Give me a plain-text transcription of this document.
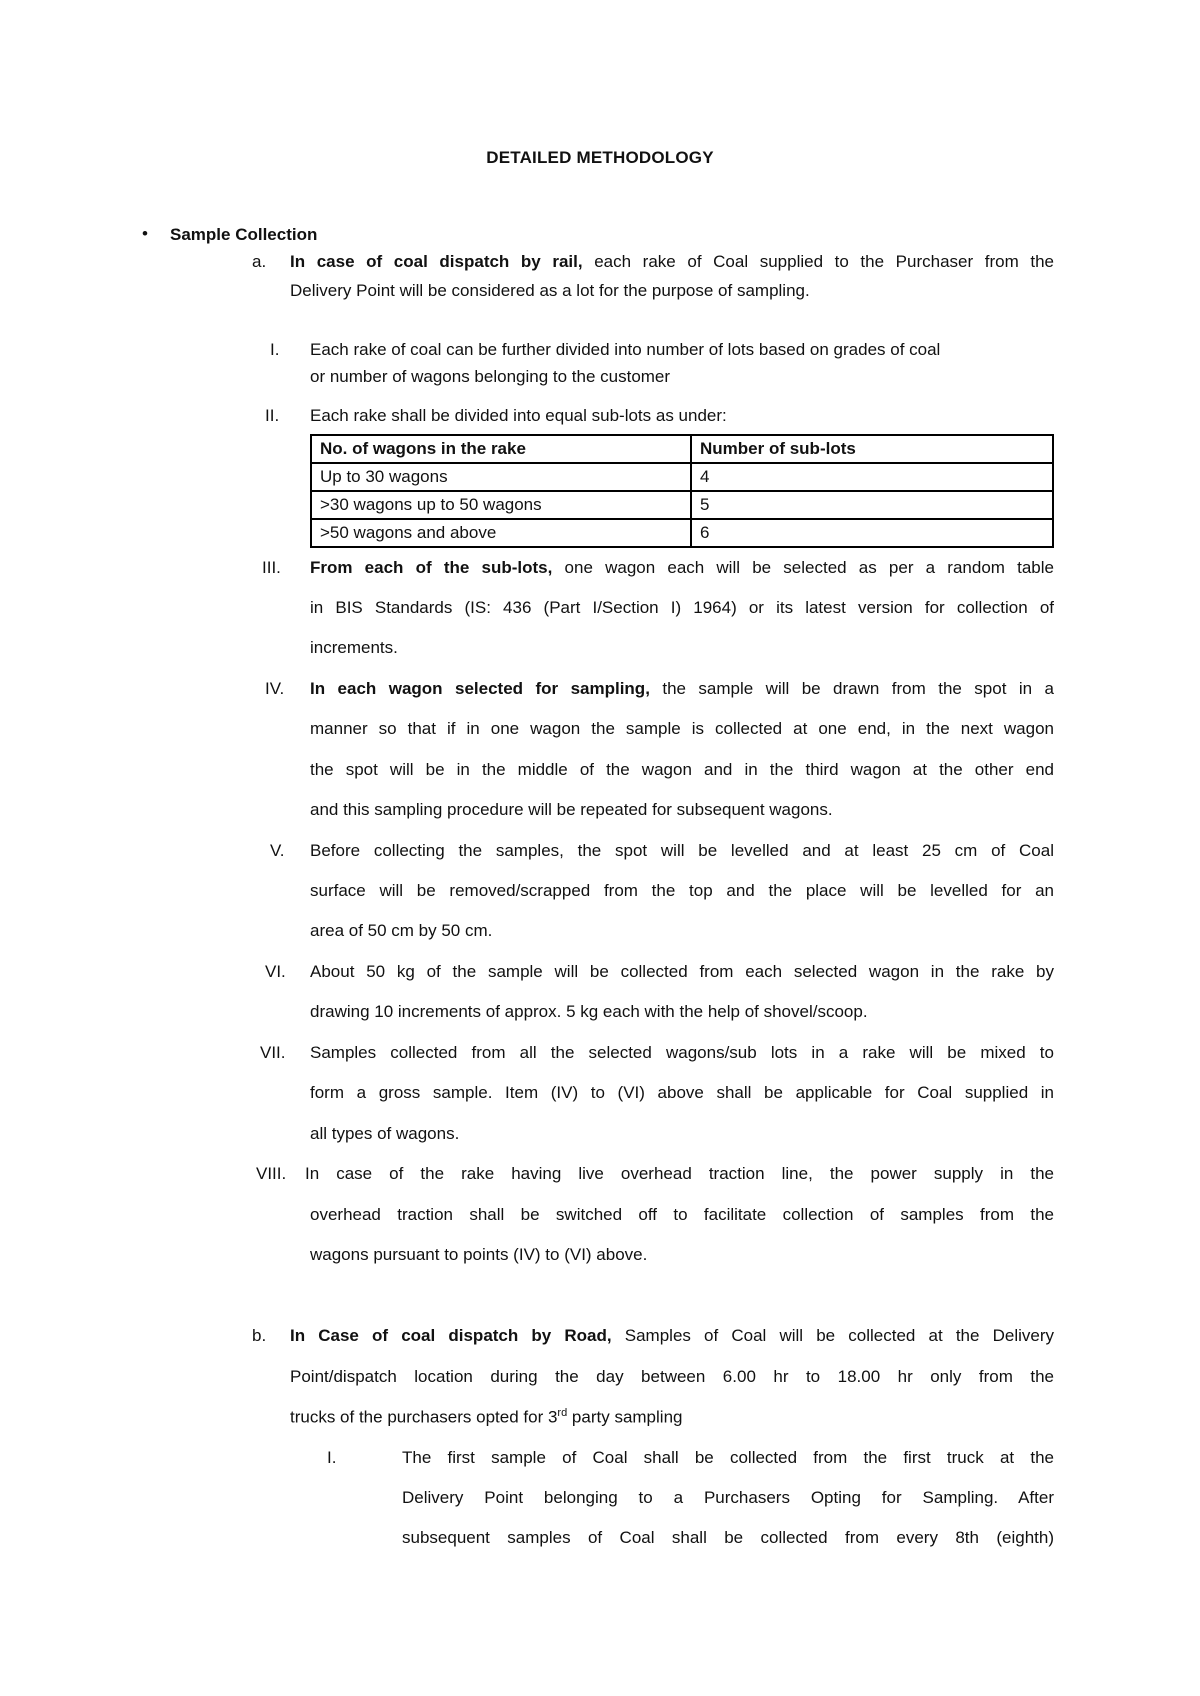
DETAILED METHODOLOGY
• Sample Collection
a. In case of coal dispatch by rail, each rake of Coal supplied to the Purchaser from the
Delivery Point will be considered as a lot for the purpose of sampling.
I. Each rake of coal can be further divided into number of lots based on grades of coal
or number of wagons belonging to the customer
II. Each rake shall be divided into equal sub-lots as under:
No. of wagons in the rake	Number of sub-lots
Up to 30 wagons	4
>30 wagons up to 50 wagons	5
>50 wagons and above	6
III. From each of the sub-lots, one wagon each will be selected as per a random table
in BIS Standards (IS: 436 (Part I/Section I) 1964) or its latest version for collection of
increments.
IV. In each wagon selected for sampling, the sample will be drawn from the spot in a
manner so that if in one wagon the sample is collected at one end, in the next wagon
the spot will be in the middle of the wagon and in the third wagon at the other end
and this sampling procedure will be repeated for subsequent wagons.
V. Before collecting the samples, the spot will be levelled and at least 25 cm of Coal
surface will be removed/scrapped from the top and the place will be levelled for an
area of 50 cm by 50 cm.
VI. About 50 kg of the sample will be collected from each selected wagon in the rake by
drawing 10 increments of approx. 5 kg each with the help of shovel/scoop.
VII. Samples collected from all the selected wagons/sub lots in a rake will be mixed to
form a gross sample. Item (IV) to (VI) above shall be applicable for Coal supplied in
all types of wagons.
VIII. In case of the rake having live overhead traction line, the power supply in the
overhead traction shall be switched off to facilitate collection of samples from the
wagons pursuant to points (IV) to (VI) above.
b. In Case of coal dispatch by Road, Samples of Coal will be collected at the Delivery
Point/dispatch location during the day between 6.00 hr to 18.00 hr only from the
trucks of the purchasers opted for 3rd party sampling
I.	The first sample of Coal shall be collected from the first truck at the
Delivery Point belonging to a Purchasers Opting for Sampling. After
subsequent samples of Coal shall be collected from every 8th (eighth)
